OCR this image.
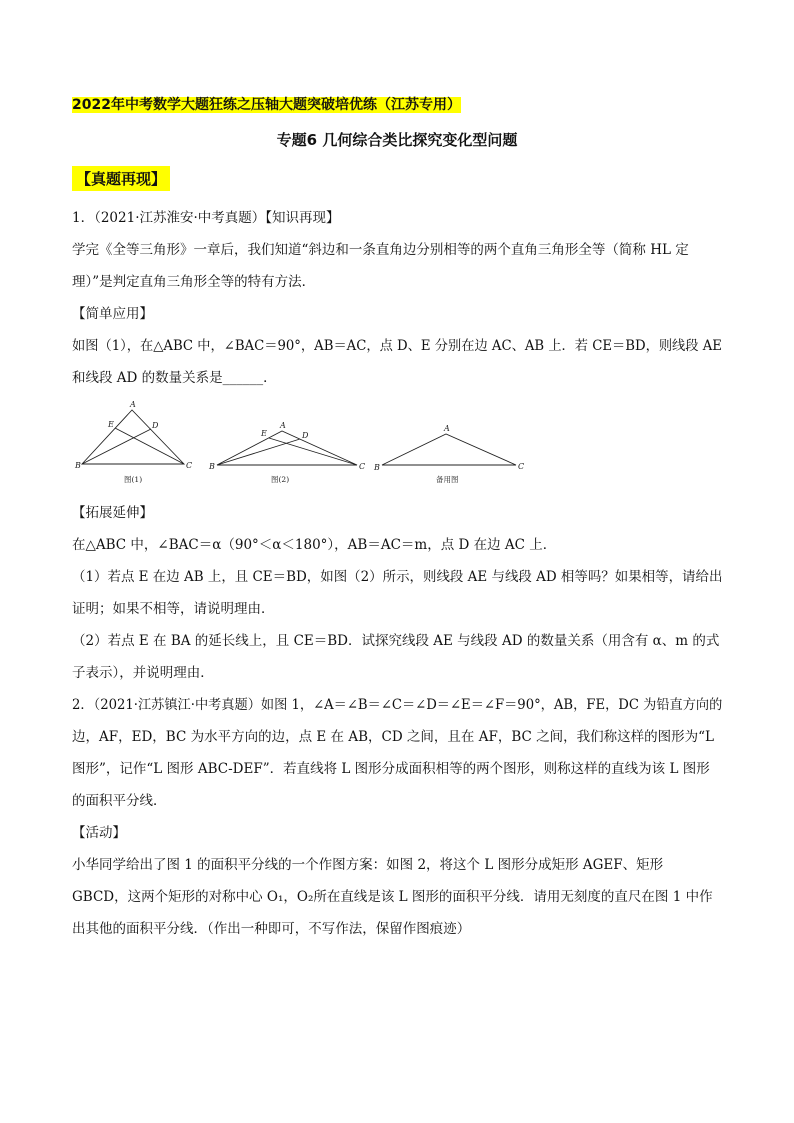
2022年中考数学大题狂练之压轴大题突破培优练（江苏专用）
专题6 几何综合类比探究变化型问题
【真题再现】
1．（2021·江苏淮安·中考真题）【知识再现】
学完《全等三角形》一章后，我们知道“斜边和一条直角边分别相等的两个直角三角形全等（简称 HL 定
理）”是判定直角三角形全等的特有方法．
【简单应用】
如图（1），在△ABC 中，∠BAC＝90°，AB＝AC，点 D、E 分别在边 AC、AB 上．若 CE＝BD，则线段 AE
和线段 AD 的数量关系是______．
A
B	C
D
E
图(1)
A
B	C
D
E
图(2)
A
B	C
备用图
【拓展延伸】
在△ABC 中，∠BAC＝α（90°＜α＜180°），AB＝AC＝m，点 D 在边 AC 上．
（1）若点 E 在边 AB 上，且 CE＝BD，如图（2）所示，则线段 AE 与线段 AD 相等吗？如果相等，请给出
证明；如果不相等，请说明理由．
（2）若点 E 在 BA 的延长线上，且 CE＝BD．试探究线段 AE 与线段 AD 的数量关系（用含有 α、m 的式
子表示），并说明理由．
2．（2021·江苏镇江·中考真题）如图 1，∠A＝∠B＝∠C＝∠D＝∠E＝∠F＝90°，AB，FE，DC 为铅直方向的
边，AF，ED，BC 为水平方向的边，点 E 在 AB，CD 之间，且在 AF，BC 之间，我们称这样的图形为“L
图形”，记作“L 图形 ABC-DEF”．若直线将 L 图形分成面积相等的两个图形，则称这样的直线为该 L 图形
的面积平分线．
【活动】
小华同学给出了图 1 的面积平分线的一个作图方案：如图 2，将这个 L 图形分成矩形 AGEF、矩形
GBCD，这两个矩形的对称中心 O₁，O₂所在直线是该 L 图形的面积平分线．请用无刻度的直尺在图 1 中作
出其他的面积平分线．（作出一种即可，不写作法，保留作图痕迹）
